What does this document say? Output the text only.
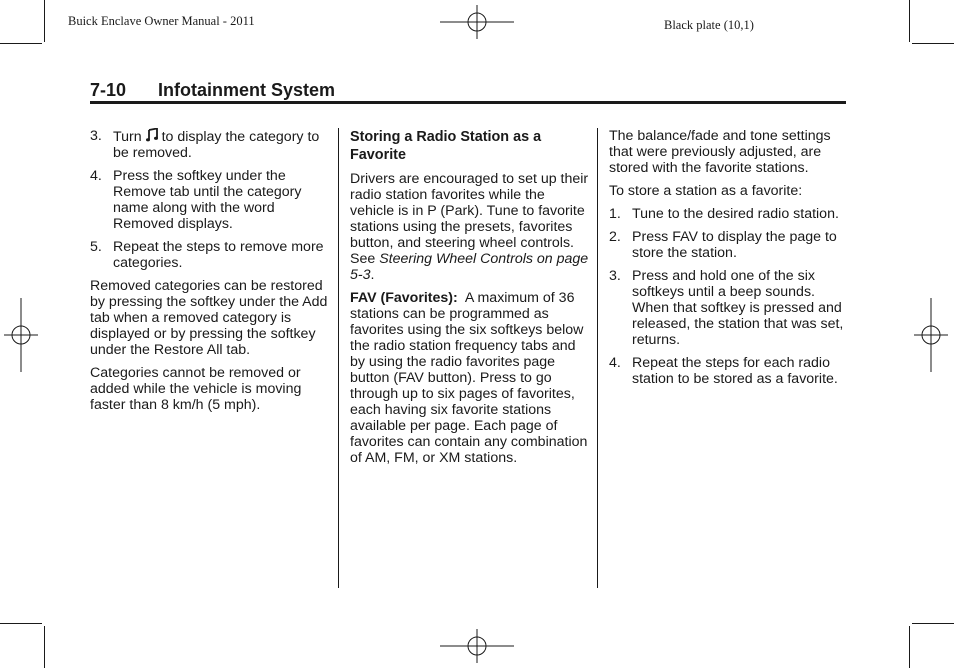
Buick Enclave Owner Manual - 2011	Black plate (10,1)
7-10 Infotainment System
3. Turn to display the category to be removed.
4. Press the softkey under the Remove tab until the category name along with the word Removed displays.
5. Repeat the steps to remove more categories.

Removed categories can be restored by pressing the softkey under the Add tab when a removed category is displayed or by pressing the softkey under the Restore All tab.

Categories cannot be removed or added while the vehicle is moving faster than 8 km/h (5 mph).

Storing a Radio Station as a Favorite

Drivers are encouraged to set up their radio station favorites while the vehicle is in P (Park). Tune to favorite stations using the presets, favorites button, and steering wheel controls. See Steering Wheel Controls on page 5‑3.

FAV (Favorites): A maximum of 36 stations can be programmed as favorites using the six softkeys below the radio station frequency tabs and by using the radio favorites page button (FAV button). Press to go through up to six pages of favorites, each having six favorite stations available per page. Each page of favorites can contain any combination of AM, FM, or XM stations.

The balance/fade and tone settings that were previously adjusted, are stored with the favorite stations.

To store a station as a favorite:

1. Tune to the desired radio station.
2. Press FAV to display the page to store the station.
3. Press and hold one of the six softkeys until a beep sounds. When that softkey is pressed and released, the station that was set, returns.
4. Repeat the steps for each radio station to be stored as a favorite.
